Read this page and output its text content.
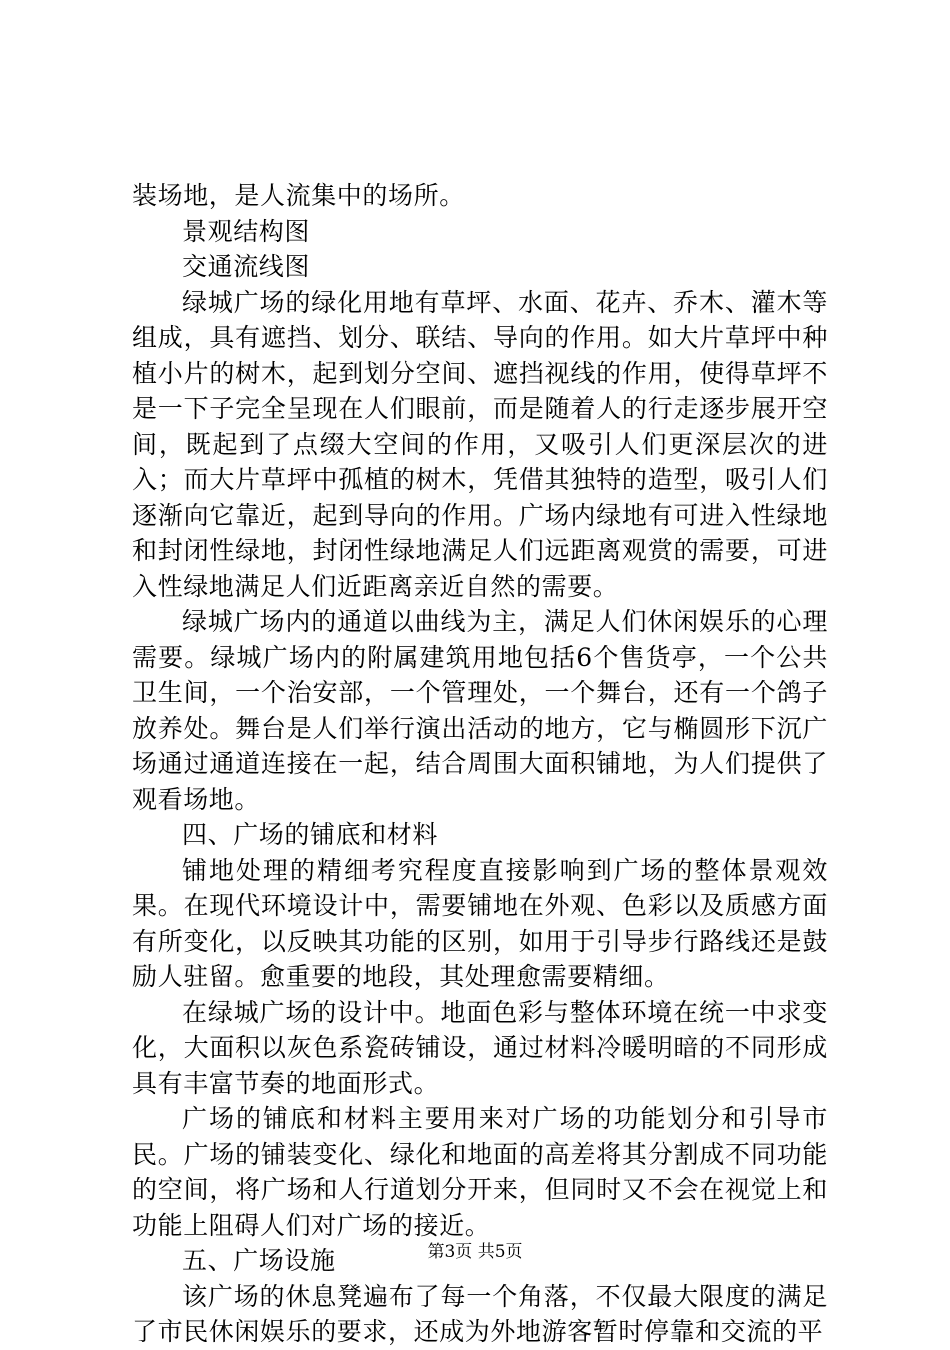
装场地，是人流集中的场所。

景观结构图

交通流线图

绿城广场的绿化用地有草坪、水面、花卉、乔木、灌木等组成，具有遮挡、划分、联结、导向的作用。如大片草坪中种植小片的树木，起到划分空间、遮挡视线的作用，使得草坪不是一下子完全呈现在人们眼前，而是随着人的行走逐步展开空间，既起到了点缀大空间的作用，又吸引人们更深层次的进入；而大片草坪中孤植的树木，凭借其独特的造型，吸引人们逐渐向它靠近，起到导向的作用。广场内绿地有可进入性绿地和封闭性绿地，封闭性绿地满足人们远距离观赏的需要，可进入性绿地满足人们近距离亲近自然的需要。

绿城广场内的通道以曲线为主，满足人们休闲娱乐的心理需要。绿城广场内的附属建筑用地包括6个售货亭，一个公共卫生间，一个治安部，一个管理处，一个舞台，还有一个鸽子放养处。舞台是人们举行演出活动的地方，它与椭圆形下沉广场通过通道连接在一起，结合周围大面积铺地，为人们提供了观看场地。

四、广场的铺底和材料

铺地处理的精细考究程度直接影响到广场的整体景观效果。在现代环境设计中，需要铺地在外观、色彩以及质感方面有所变化，以反映其功能的区别，如用于引导步行路线还是鼓励人驻留。愈重要的地段，其处理愈需要精细。

在绿城广场的设计中。地面色彩与整体环境在统一中求变化，大面积以灰色系瓷砖铺设，通过材料冷暖明暗的不同形成具有丰富节奏的地面形式。

广场的铺底和材料主要用来对广场的功能划分和引导市民。广场的铺装变化、绿化和地面的高差将其分割成不同功能的空间，将广场和人行道划分开来，但同时又不会在视觉上和功能上阻碍人们对广场的接近。

五、广场设施

该广场的休息凳遍布了每一个角落，不仅最大限度的满足了市民休闲娱乐的要求，还成为外地游客暂时停靠和交流的平

第3页 共5页
